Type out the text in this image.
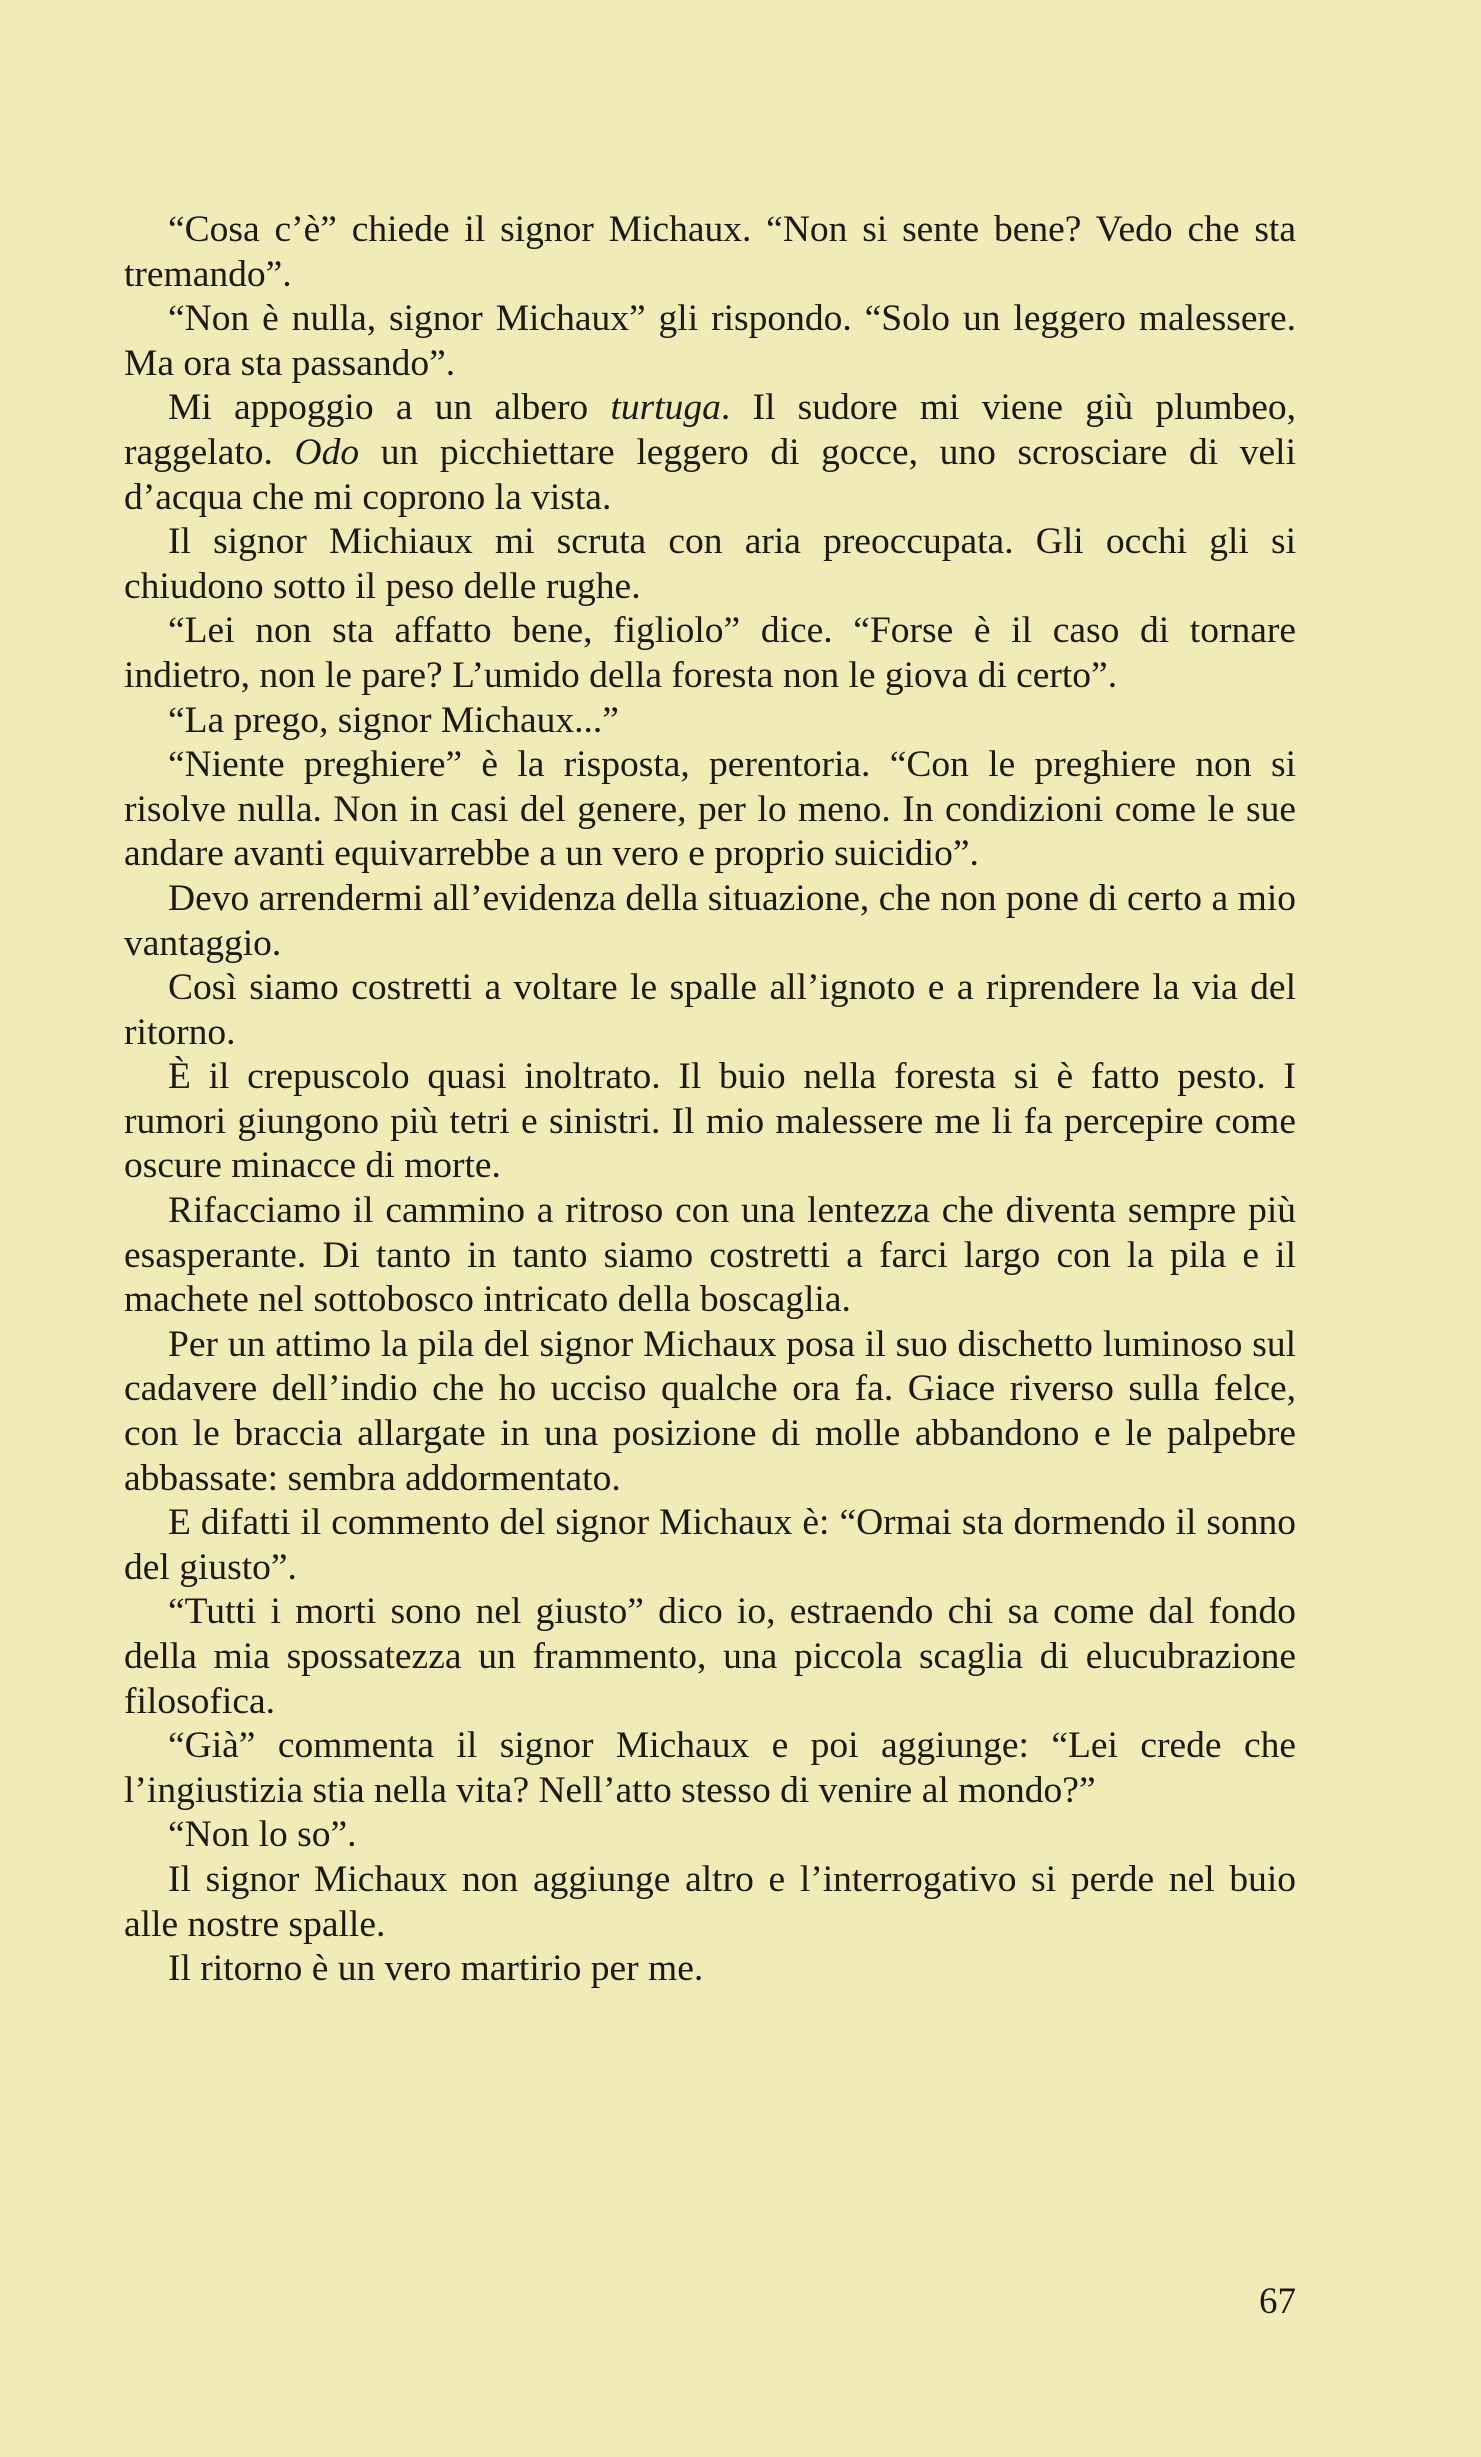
“Cosa c’è” chiede il signor Michaux. “Non si sente bene? Vedo che sta tremando”.

“Non è nulla, signor Michaux” gli rispondo. “Solo un leggero malessere. Ma ora sta passando”.

Mi appoggio a un albero turtuga. Il sudore mi viene giù plumbeo, raggelato. Odo un picchiettare leggero di gocce, uno scrosciare di veli d’acqua che mi coprono la vista.

Il signor Michiaux mi scruta con aria preoccupata. Gli occhi gli si chiudono sotto il peso delle rughe.

“Lei non sta affatto bene, figliolo” dice. “Forse è il caso di tornare indietro, non le pare? L’umido della foresta non le giova di certo”.

“La prego, signor Michaux...”

“Niente preghiere” è la risposta, perentoria. “Con le preghiere non si risolve nulla. Non in casi del genere, per lo meno. In condizioni come le sue andare avanti equivarrebbe a un vero e proprio suicidio”.

Devo arrendermi all’evidenza della situazione, che non pone di certo a mio vantaggio.

Così siamo costretti a voltare le spalle all’ignoto e a riprendere la via del ritorno.

È il crepuscolo quasi inoltrato. Il buio nella foresta si è fatto pesto. I rumori giungono più tetri e sinistri. Il mio malessere me li fa percepire come oscure minacce di morte.

Rifacciamo il cammino a ritroso con una lentezza che diventa sempre più esasperante. Di tanto in tanto siamo costretti a farci largo con la pila e il machete nel sottobosco intricato della boscaglia.

Per un attimo la pila del signor Michaux posa il suo dischetto luminoso sul cadavere dell’indio che ho ucciso qualche ora fa. Giace riverso sulla felce, con le braccia allargate in una posizione di molle abbandono e le palpebre abbassate: sembra addormentato.

E difatti il commento del signor Michaux è: “Ormai sta dormendo il sonno del giusto”.

“Tutti i morti sono nel giusto” dico io, estraendo chi sa come dal fondo della mia spossatezza un frammento, una piccola scaglia di elucubrazione filosofica.

“Già” commenta il signor Michaux e poi aggiunge: “Lei crede che l’ingiustizia stia nella vita? Nell’atto stesso di venire al mondo?”

“Non lo so”.

Il signor Michaux non aggiunge altro e l’interrogativo si perde nel buio alle nostre spalle.

Il ritorno è un vero martirio per me.

67
